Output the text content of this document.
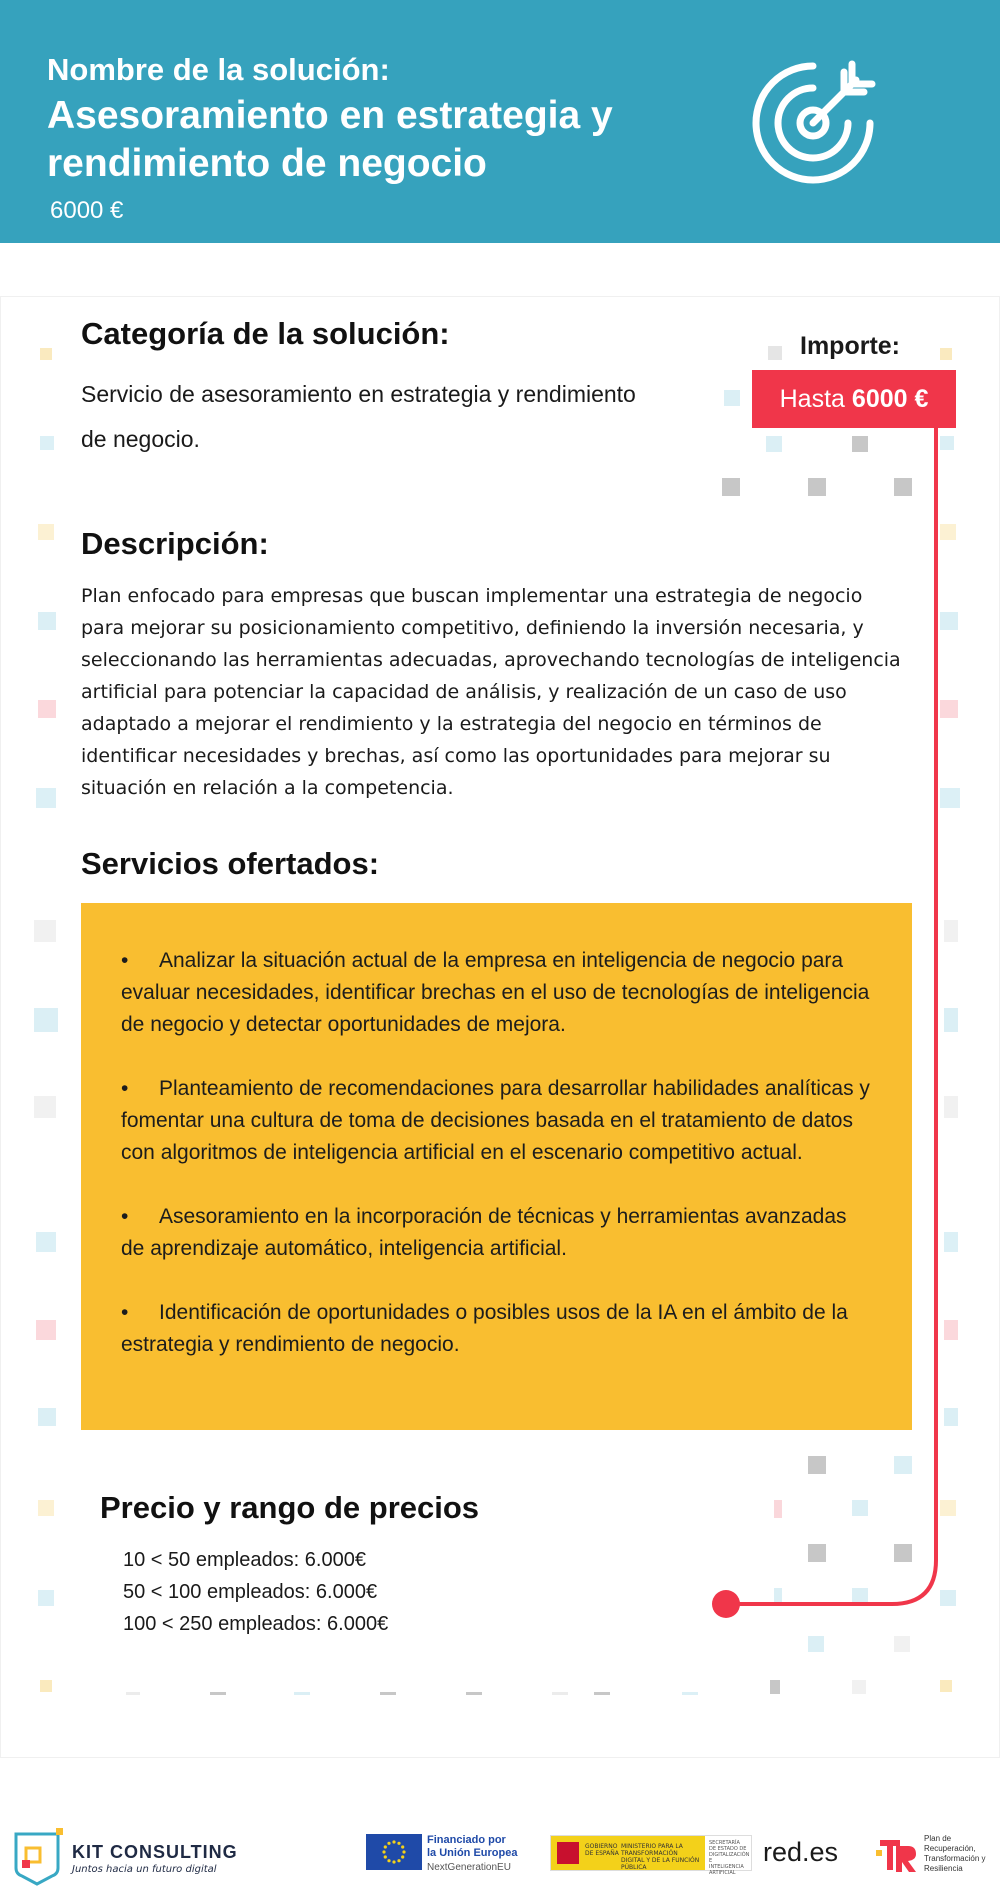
Nombre de la solución:
Asesoramiento en estrategia y rendimiento de negocio
6000 €
Categoría de la solución:
Servicio de asesoramiento en estrategia y rendimiento de negocio.
Importe:
Hasta 6000 €
Descripción:
Plan enfocado para empresas que buscan implementar una estrategia de negocio para mejorar su posicionamiento competitivo, definiendo la inversión necesaria, y seleccionando las herramientas adecuadas, aprovechando tecnologías de inteligencia artificial para potenciar la capacidad de análisis, y realización de un caso de uso adaptado a mejorar el rendimiento y la estrategia del negocio en términos de identificar necesidades y brechas, así como las oportunidades para mejorar su situación en relación a la competencia.
Servicios ofertados:
• Analizar la situación actual de la empresa en inteligencia de negocio para evaluar necesidades, identificar brechas en el uso de tecnologías de inteligencia de negocio y detectar oportunidades de mejora.
• Planteamiento de recomendaciones para desarrollar habilidades analíticas y fomentar una cultura de toma de decisiones basada en el tratamiento de datos con algoritmos de inteligencia artificial en el escenario competitivo actual.
• Asesoramiento en la incorporación de técnicas y herramientas avanzadas de aprendizaje automático, inteligencia artificial.
• Identificación de oportunidades o posibles usos de la IA en el ámbito de la estrategia y rendimiento de negocio.
Precio y rango de precios
10 < 50 empleados: 6.000€
50 < 100 empleados: 6.000€
100 < 250 empleados: 6.000€
KIT CONSULTING
Juntos hacia un futuro digital
Financiado por
la Unión Europea
NextGenerationEU
GOBIERNO DE ESPAÑA
MINISTERIO PARA LA TRANSFORMACIÓN DIGITAL Y DE LA FUNCIÓN PÚBLICA
SECRETARÍA DE ESTADO DE DIGITALIZACIÓN E INTELIGENCIA ARTIFICIAL
red.es	Plan de Recuperación, Transformación y Resiliencia
